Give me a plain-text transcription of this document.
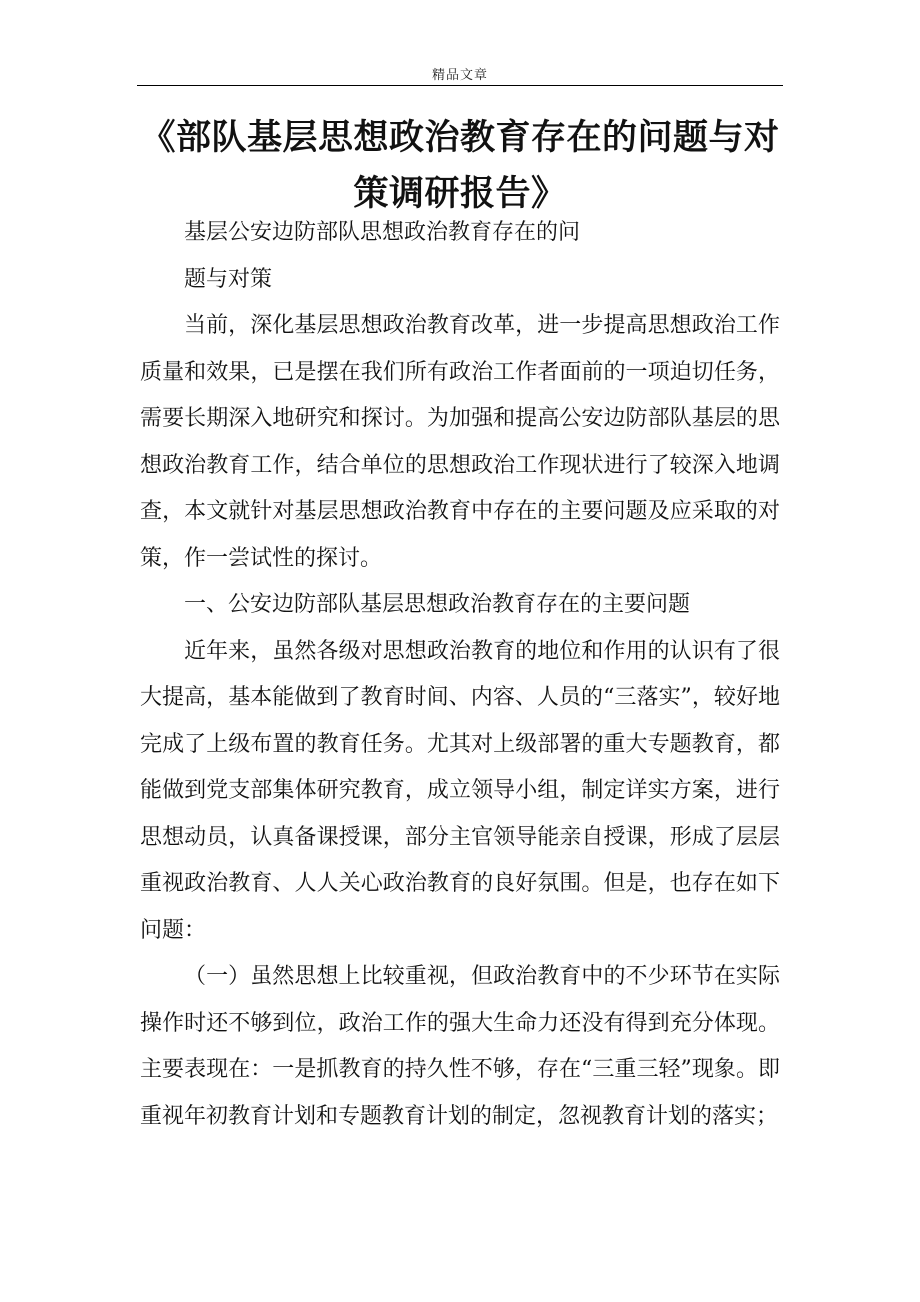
精品文章
《部队基层思想政治教育存在的问题与对
策调研报告》

基层公安边防部队思想政治教育存在的问

题与对策

当前，深化基层思想政治教育改革，进一步提高思想政治工作质量和效果，已是摆在我们所有政治工作者面前的一项迫切任务，需要长期深入地研究和探讨。为加强和提高公安边防部队基层的思想政治教育工作，结合单位的思想政治工作现状进行了较深入地调查，本文就针对基层思想政治教育中存在的主要问题及应采取的对策，作一尝试性的探讨。

一、公安边防部队基层思想政治教育存在的主要问题

近年来，虽然各级对思想政治教育的地位和作用的认识有了很大提高，基本能做到了教育时间、内容、人员的“三落实”，较好地完成了上级布置的教育任务。尤其对上级部署的重大专题教育，都能做到党支部集体研究教育，成立领导小组，制定详实方案，进行思想动员，认真备课授课，部分主官领导能亲自授课，形成了层层重视政治教育、人人关心政治教育的良好氛围。但是，也存在如下问题：

（一）虽然思想上比较重视，但政治教育中的不少环节在实际操作时还不够到位，政治工作的强大生命力还没有得到充分体现。主要表现在：一是抓教育的持久性不够，存在“三重三轻”现象。即重视年初教育计划和专题教育计划的制定，忽视教育计划的落实；
